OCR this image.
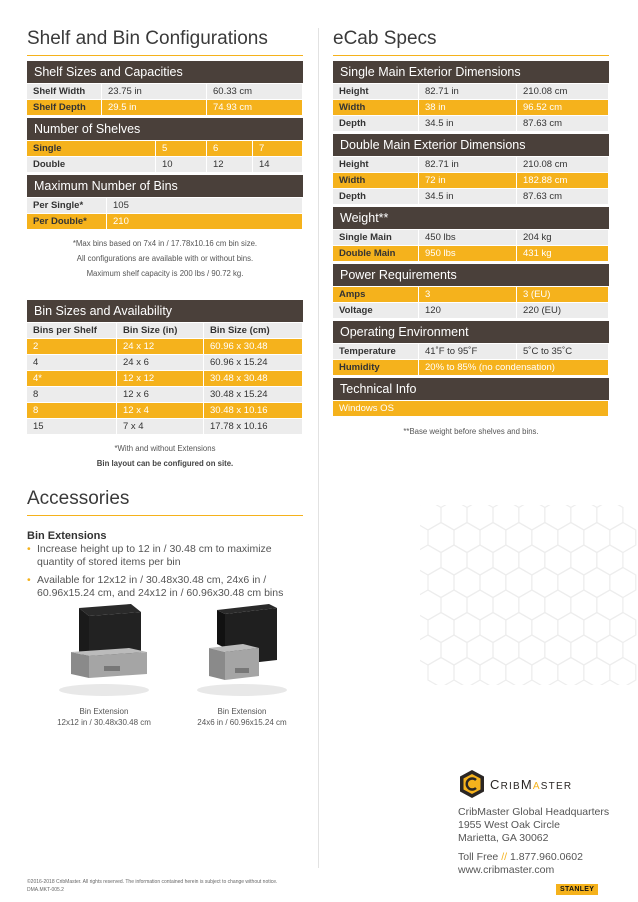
Shelf and Bin Configurations
Shelf Sizes and Capacities
Shelf Width	23.75 in	60.33 cm
Shelf Depth	29.5 in	74.93 cm
Number of Shelves
Single	5	6	7
Double	10	12	14
Maximum Number of Bins
Per Single*	105
Per Double*	210
*Max bins based on 7x4 in / 17.78x10.16 cm bin size.
All configurations are available with or without bins.
Maximum shelf capacity is 200 lbs / 90.72 kg.
Bin Sizes and Availability
Bins per Shelf	Bin Size (in)	Bin Size (cm)
2	24 x 12	60.96 x 30.48
4	24 x 6	60.96 x 15.24
4*	12 x 12	30.48 x 30.48
8	12 x 6	30.48 x 15.24
8	12 x 4	30.48 x 10.16
15	7 x 4	17.78 x 10.16
*With and without Extensions
Bin layout can be configured on site.
Accessories
Bin Extensions
• Increase height up to 12 in / 30.48 cm to maximize
quantity of stored items per bin
• Available for 12x12 in / 30.48x30.48 cm, 24x6 in /
60.96x15.24 cm, and 24x12 in / 60.96x30.48 cm bins
Bin Extension
12x12 in / 30.48x30.48 cm
Bin Extension
24x6 in / 60.96x15.24 cm
eCab Specs
Single Main Exterior Dimensions
Height	82.71 in	210.08 cm
Width	38 in	96.52 cm
Depth	34.5 in	87.63 cm
Double Main Exterior Dimensions
Height	82.71 in	210.08 cm
Width	72 in	182.88 cm
Depth	34.5 in	87.63 cm
Weight**
Single Main	450 lbs	204 kg
Double Main	950 lbs	431 kg
Power Requirements
Amps	3	3 (EU)
Voltage	120	220 (EU)
Operating Environment
Temperature	41˚F to 95˚F	5˚C to 35˚C
Humidity	20% to 85% (no condensation)	
Technical Info
Windows OS
**Base weight before shelves and bins.
CRIBMASTER
CribMaster Global Headquarters
1955 West Oak Circle
Marietta, GA 30062
Toll Free // 1.877.960.0602
www.cribmaster.com
©2016-2018 CribMaster. All rights reserved. The information contained herein is subject to change without notice.
DMA.MKT-005.2	STANLEY
